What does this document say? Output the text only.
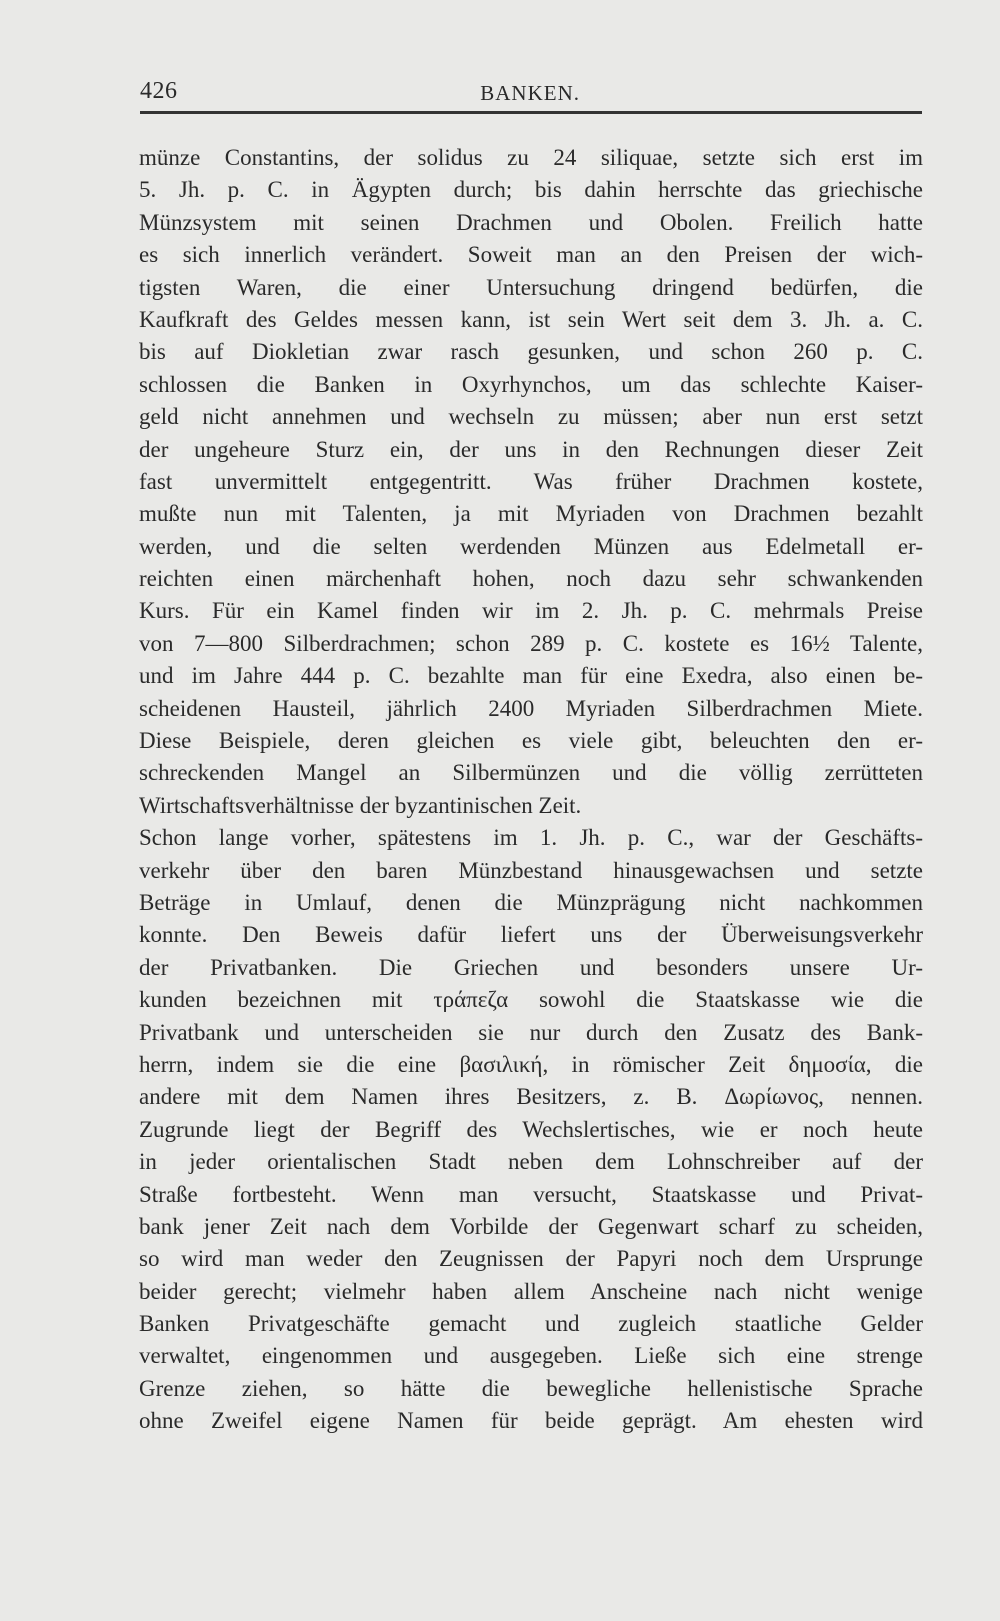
426	BANKEN.
münze Constantins, der solidus zu 24 siliquae, setzte sich erst im
5. Jh. p. C. in Ägypten durch; bis dahin herrschte das griechische
Münzsystem mit seinen Drachmen und Obolen. Freilich hatte
es sich innerlich verändert. Soweit man an den Preisen der wich-
tigsten Waren, die einer Untersuchung dringend bedürfen, die
Kaufkraft des Geldes messen kann, ist sein Wert seit dem 3. Jh. a. C.
bis auf Diokletian zwar rasch gesunken, und schon 260 p. C.
schlossen die Banken in Oxyrhynchos, um das schlechte Kaiser-
geld nicht annehmen und wechseln zu müssen; aber nun erst setzt
der ungeheure Sturz ein, der uns in den Rechnungen dieser Zeit
fast unvermittelt entgegentritt. Was früher Drachmen kostete,
mußte nun mit Talenten, ja mit Myriaden von Drachmen bezahlt
werden, und die selten werdenden Münzen aus Edelmetall er-
reichten einen märchenhaft hohen, noch dazu sehr schwankenden
Kurs. Für ein Kamel finden wir im 2. Jh. p. C. mehrmals Preise
von 7—800 Silberdrachmen; schon 289 p. C. kostete es 16½ Talente,
und im Jahre 444 p. C. bezahlte man für eine Exedra, also einen be-
scheidenen Hausteil, jährlich 2400 Myriaden Silberdrachmen Miete.
Diese Beispiele, deren gleichen es viele gibt, beleuchten den er-
schreckenden Mangel an Silbermünzen und die völlig zerrütteten
Wirtschaftsverhältnisse der byzantinischen Zeit.
Schon lange vorher, spätestens im 1. Jh. p. C., war der Geschäfts-
verkehr über den baren Münzbestand hinausgewachsen und setzte
Beträge in Umlauf, denen die Münzprägung nicht nachkommen
konnte. Den Beweis dafür liefert uns der Überweisungsverkehr
der Privatbanken. Die Griechen und besonders unsere Ur-
kunden bezeichnen mit τράπεζα sowohl die Staatskasse wie die
Privatbank und unterscheiden sie nur durch den Zusatz des Bank-
herrn, indem sie die eine βασιλική, in römischer Zeit δημοσία, die
andere mit dem Namen ihres Besitzers, z. B. Δωρίωνος, nennen.
Zugrunde liegt der Begriff des Wechslertisches, wie er noch heute
in jeder orientalischen Stadt neben dem Lohnschreiber auf der
Straße fortbesteht. Wenn man versucht, Staatskasse und Privat-
bank jener Zeit nach dem Vorbilde der Gegenwart scharf zu scheiden,
so wird man weder den Zeugnissen der Papyri noch dem Ursprunge
beider gerecht; vielmehr haben allem Anscheine nach nicht wenige
Banken Privatgeschäfte gemacht und zugleich staatliche Gelder
verwaltet, eingenommen und ausgegeben. Ließe sich eine strenge
Grenze ziehen, so hätte die bewegliche hellenistische Sprache
ohne Zweifel eigene Namen für beide geprägt. Am ehesten wird
